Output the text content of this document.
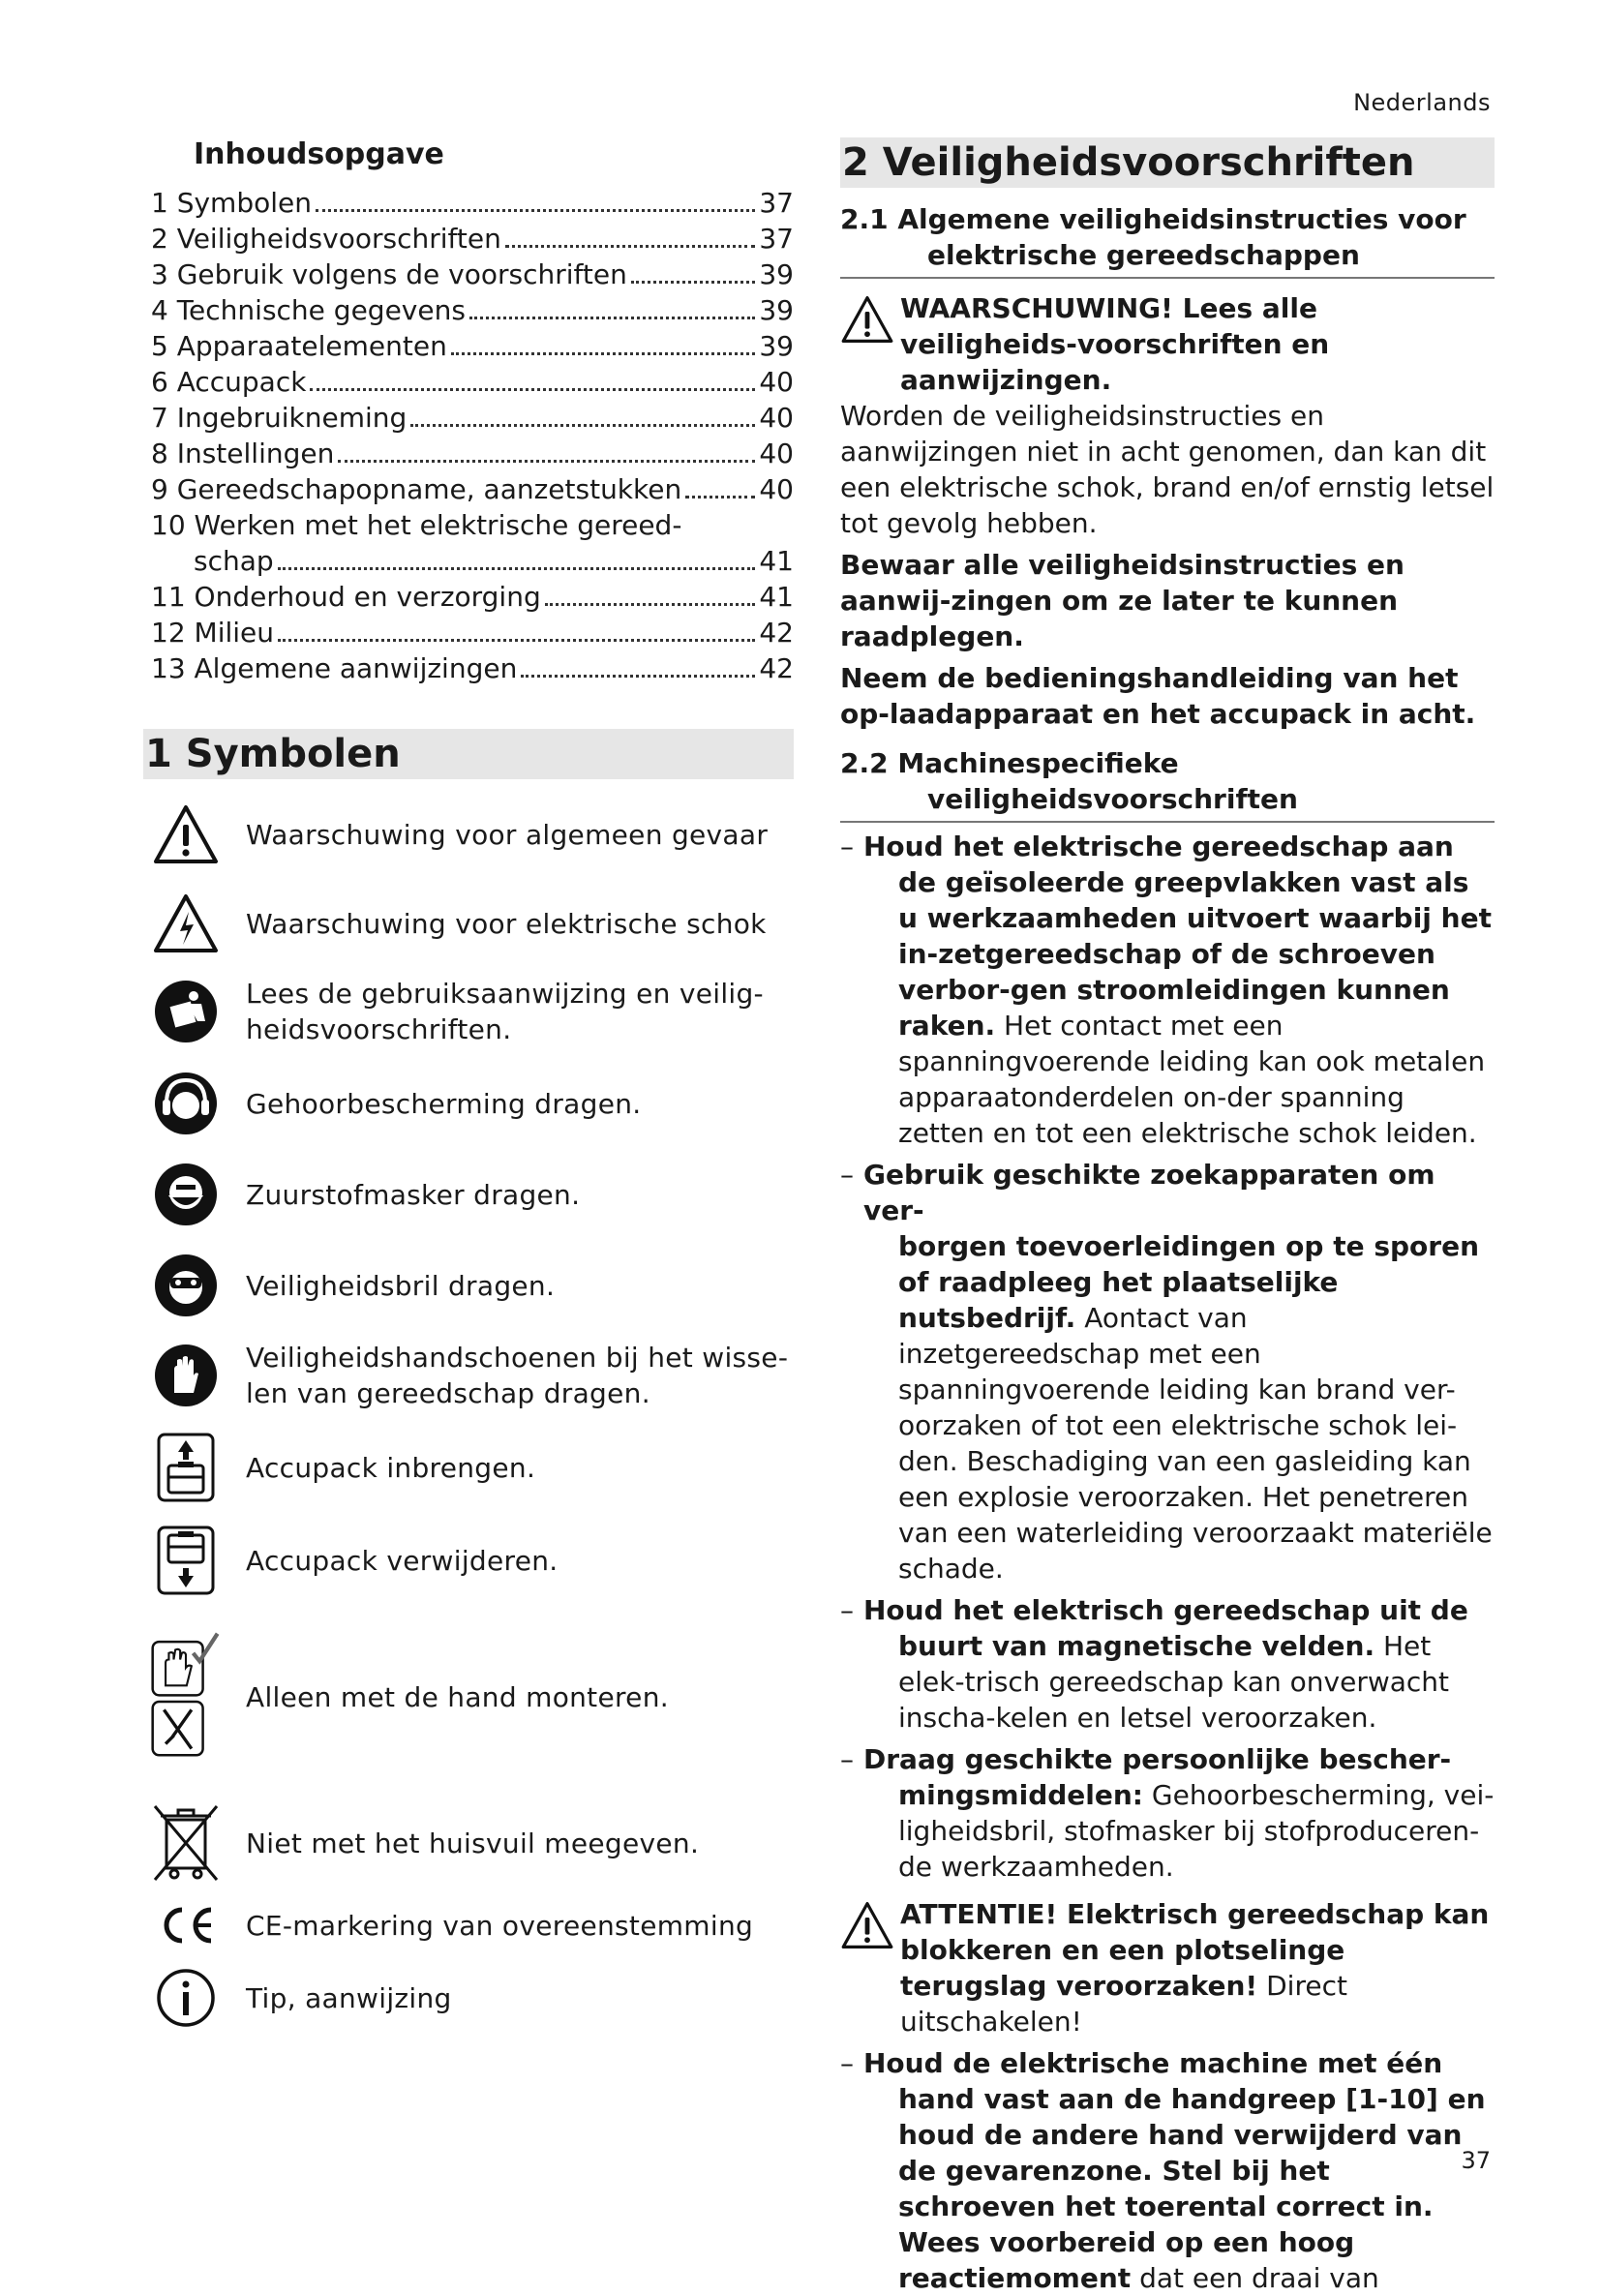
Nederlands
Inhoudsopgave
1 Symbolen	37
2 Veiligheidsvoorschriften	37
3 Gebruik volgens de voorschriften	39
4 Technische gegevens	39
5 Apparaatelementen	39
6 Accupack	40
7 Ingebruikneming	40
8 Instellingen	40
9 Gereedschapopname, aanzetstukken	40
10 Werken met het elektrische gereed-
schap	41
11 Onderhoud en verzorging	41
12 Milieu	42
13 Algemene aanwijzingen	42
1 Symbolen
Waarschuwing voor algemeen gevaar
Waarschuwing voor elektrische schok
Lees de gebruiksaanwijzing en veilig-heidsvoorschriften.
Gehoorbescherming dragen.
Zuurstofmasker dragen.
Veiligheidsbril dragen.
Veiligheidshandschoenen bij het wisse-len van gereedschap dragen.
Accupack inbrengen.
Accupack verwijderen.
Alleen met de hand monteren.
Niet met het huisvuil meegeven.
CE-markering van overeenstemming
Tip, aanwijzing
2 Veiligheidsvoorschriften
2.1 Algemene veiligheidsinstructies voor
elektrische gereedschappen
WAARSCHUWING! Lees alle veiligheids-voorschriften en aanwijzingen.
Worden de veiligheidsinstructies en aanwijzingen niet in acht genomen, dan kan dit een elektrische schok, brand en/of ernstig letsel tot gevolg hebben.
Bewaar alle veiligheidsinstructies en aanwij-zingen om ze later te kunnen raadplegen.
Neem de bedieningshandleiding van het op-laadapparaat en het accupack in acht.
2.2 Machinespecifieke
veiligheidsvoorschriften
– Houd het elektrische gereedschap aan
de geïsoleerde greepvlakken vast als u werkzaamheden uitvoert waarbij het in-zetgereedschap of de schroeven verbor-gen stroomleidingen kunnen raken. Het contact met een spanningvoerende leiding kan ook metalen apparaatonderdelen on-der spanning zetten en tot een elektrische schok leiden.
– Gebruik geschikte zoekapparaten om ver-
borgen toevoerleidingen op te sporen of raadpleeg het plaatselijke nutsbedrijf. Aontact van inzetgereedschap met een spanningvoerende leiding kan brand ver-oorzaken of tot een elektrische schok lei-den. Beschadiging van een gasleiding kan een explosie veroorzaken. Het penetreren van een waterleiding veroorzaakt materiële schade.
– Houd het elektrisch gereedschap uit de
buurt van magnetische velden. Het elek-trisch gereedschap kan onverwacht inscha-kelen en letsel veroorzaken.
– Draag geschikte persoonlijke bescher-
mingsmiddelen: Gehoorbescherming, vei-ligheidsbril, stofmasker bij stofproduceren-de werkzaamheden.
ATTENTIE! Elektrisch gereedschap kan blokkeren en een plotselinge terugslag veroorzaken! Direct uitschakelen!
– Houd de elektrische machine met één
hand vast aan de handgreep [1-10] en houd de andere hand verwijderd van de gevarenzone. Stel bij het schroeven het toerental correct in. Wees voorbereid op een hoog reactiemoment dat een draai van
37
